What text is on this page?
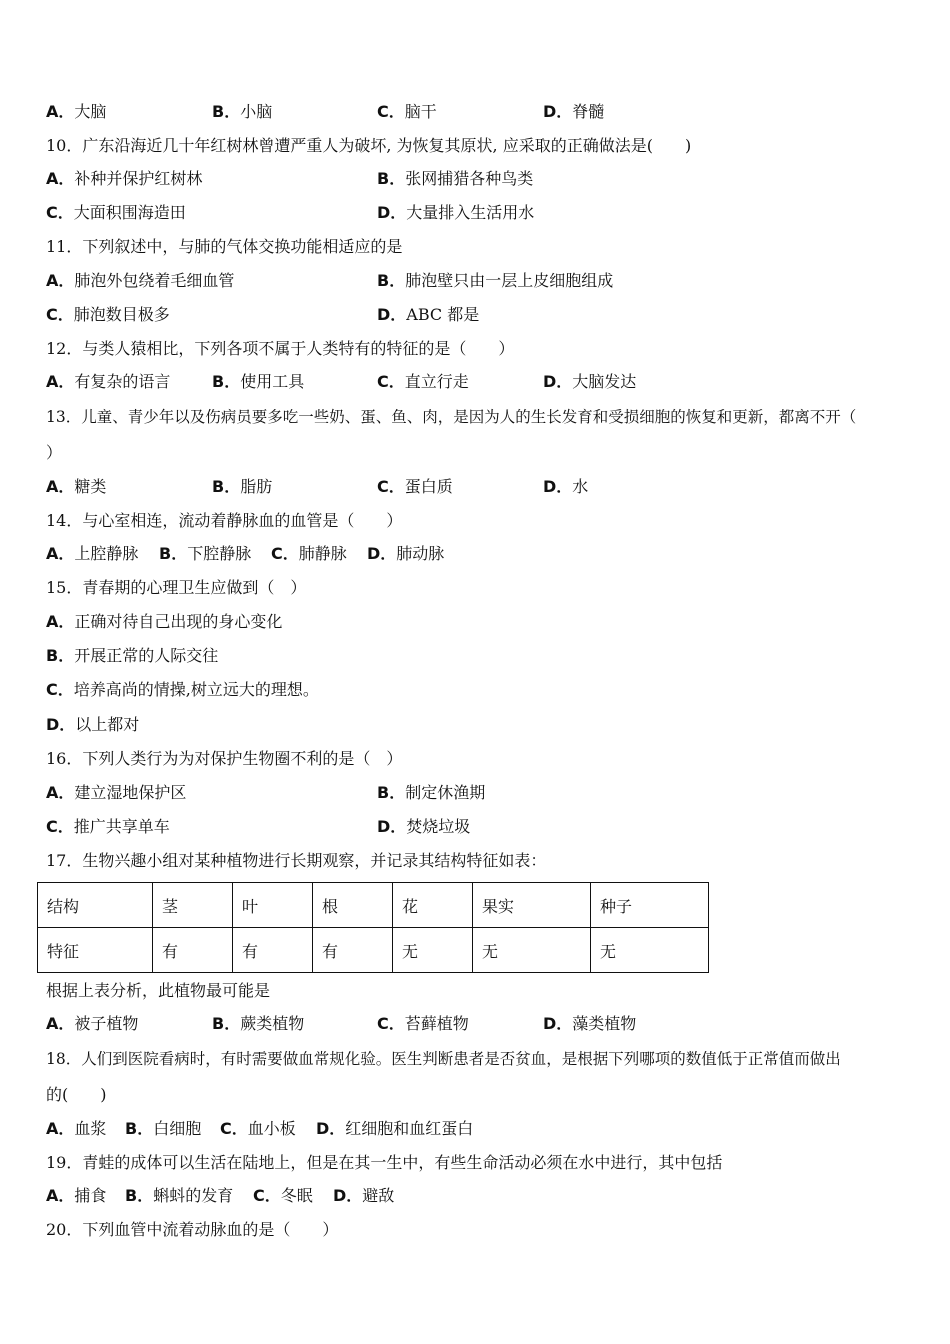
A．大脑	B．小脑	C．脑干	D．脊髓
10．广东沿海近几十年红树林曾遭严重人为破坏, 为恢复其原状, 应采取的正确做法是(　　)
A．补种并保护红树林	B．张网捕猎各种鸟类
C．大面积围海造田	D．大量排入生活用水
11．下列叙述中，与肺的气体交换功能相适应的是
A．肺泡外包绕着毛细血管	B．肺泡壁只由一层上皮细胞组成
C．肺泡数目极多	D．ABC 都是
12．与类人猿相比，下列各项不属于人类特有的特征的是（　　）
A．有复杂的语言	B．使用工具	C．直立行走	D．大脑发达
13．儿童、青少年以及伤病员要多吃一些奶、蛋、鱼、肉，是因为人的生长发育和受损细胞的恢复和更新，都离不开（
）
A．糖类	B．脂肪	C．蛋白质	D．水
14．与心室相连，流动着静脉血的血管是（　　）
A．上腔静脉 B．下腔静脉 C．肺静脉 D．肺动脉
15．青春期的心理卫生应做到（　）
A．正确对待自己出现的身心变化
B．开展正常的人际交往
C．培养高尚的情操,树立远大的理想。
D．以上都对
16．下列人类行为为对保护生物圈不利的是（　）
A．建立湿地保护区	B．制定休渔期
C．推广共享单车	D．焚烧垃圾
17．生物兴趣小组对某种植物进行长期观察，并记录其结构特征如表：
结构	茎	叶	根	花	果实	种子
特征	有	有	有	无	无	无
根据上表分析，此植物最可能是
A．被子植物	B．蕨类植物	C．苔藓植物	D．藻类植物
18．人们到医院看病时，有时需要做血常规化验。医生判断患者是否贫血，是根据下列哪项的数值低于正常值而做出
的(　　)
A．血浆 B．白细胞 C．血小板 D．红细胞和血红蛋白
19．青蛙的成体可以生活在陆地上，但是在其一生中，有些生命活动必须在水中进行，其中包括
A．捕食 B．蝌蚪的发育 C．冬眠 D．避敌
20．下列血管中流着动脉血的是（　　）
